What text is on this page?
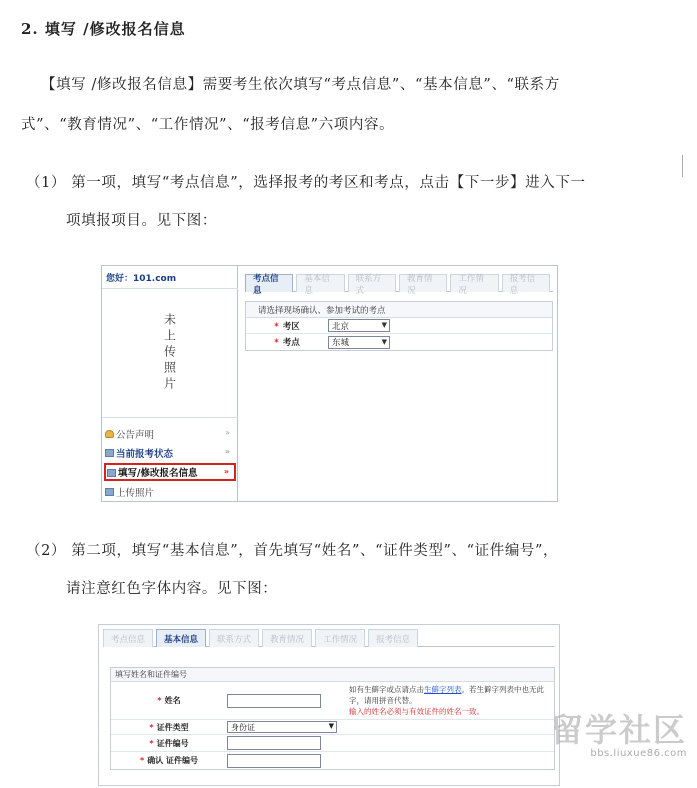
2. 填写 /修改报名信息
【填写 /修改报名信息】需要考生依次填写“考点信息”、“基本信息”、“联系方
式”、“教育情况”、“工作情况”、“报考信息”六项内容。
（1） 第一项，填写“考点信息”，选择报考的考区和考点，点击【下一步】进入下一
项填报项目。见下图：
您好：101.com
未上传照片
公告声明	»
当前报考状态	»
填写/修改报名信息	»
上传照片
考点信息
基本信息
联系方式
教育情况
工作情况
报考信息
请选择现场确认、参加考试的考点
* 考区	北京	▼
* 考点	东城	▼
（2） 第二项，填写“基本信息”，首先填写“姓名”、“证件类型”、“证件编号”，
请注意红色字体内容。见下图：
考点信息	基本信息	联系方式	教育情况	工作情况	报考信息
填写姓名和证件编号
* 姓名
* 证件类型	身份证	▼
* 证件编号
* 确认 证件编号
如有生僻字或点请点击生僻字列表。若生僻字列表中也无此字，请用拼音代替。
输入的姓名必须与有效证件的姓名一致。	留学社区
bbs.liuxue86.com
